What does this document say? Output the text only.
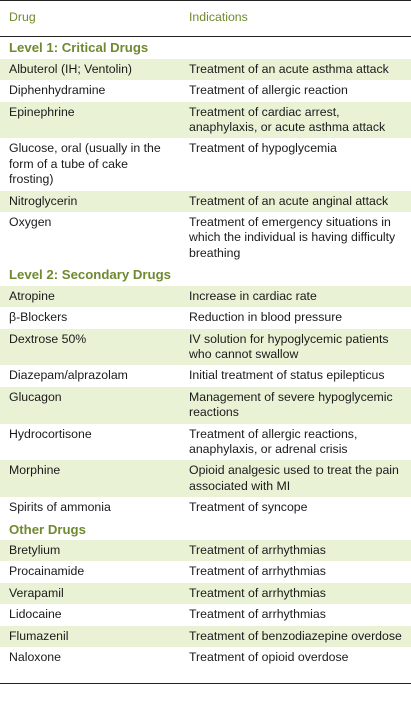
Drug	Indications
Level 1: Critical Drugs	
Albuterol (IH; Ventolin)	Treatment of an acute asthma attack
Diphenhydramine	Treatment of allergic reaction
Epinephrine	Treatment of cardiac arrest, anaphylaxis, or acute asthma attack
Glucose, oral (usually in the form of a tube of cake frosting)	Treatment of hypoglycemia
Nitroglycerin	Treatment of an acute anginal attack
Oxygen	Treatment of emergency situations in which the individual is having difficulty breathing
Level 2: Secondary Drugs	
Atropine	Increase in cardiac rate
β-Blockers	Reduction in blood pressure
Dextrose 50%	IV solution for hypoglycemic patients who cannot swallow
Diazepam/alprazolam	Initial treatment of status epilepticus
Glucagon	Management of severe hypoglycemic reactions
Hydrocortisone	Treatment of allergic reactions, anaphylaxis, or adrenal crisis
Morphine	Opioid analgesic used to treat the pain associated with MI
Spirits of ammonia	Treatment of syncope
Other Drugs	
Bretylium	Treatment of arrhythmias
Procainamide	Treatment of arrhythmias
Verapamil	Treatment of arrhythmias
Lidocaine	Treatment of arrhythmias
Flumazenil	Treatment of benzodiazepine overdose
Naloxone	Treatment of opioid overdose
